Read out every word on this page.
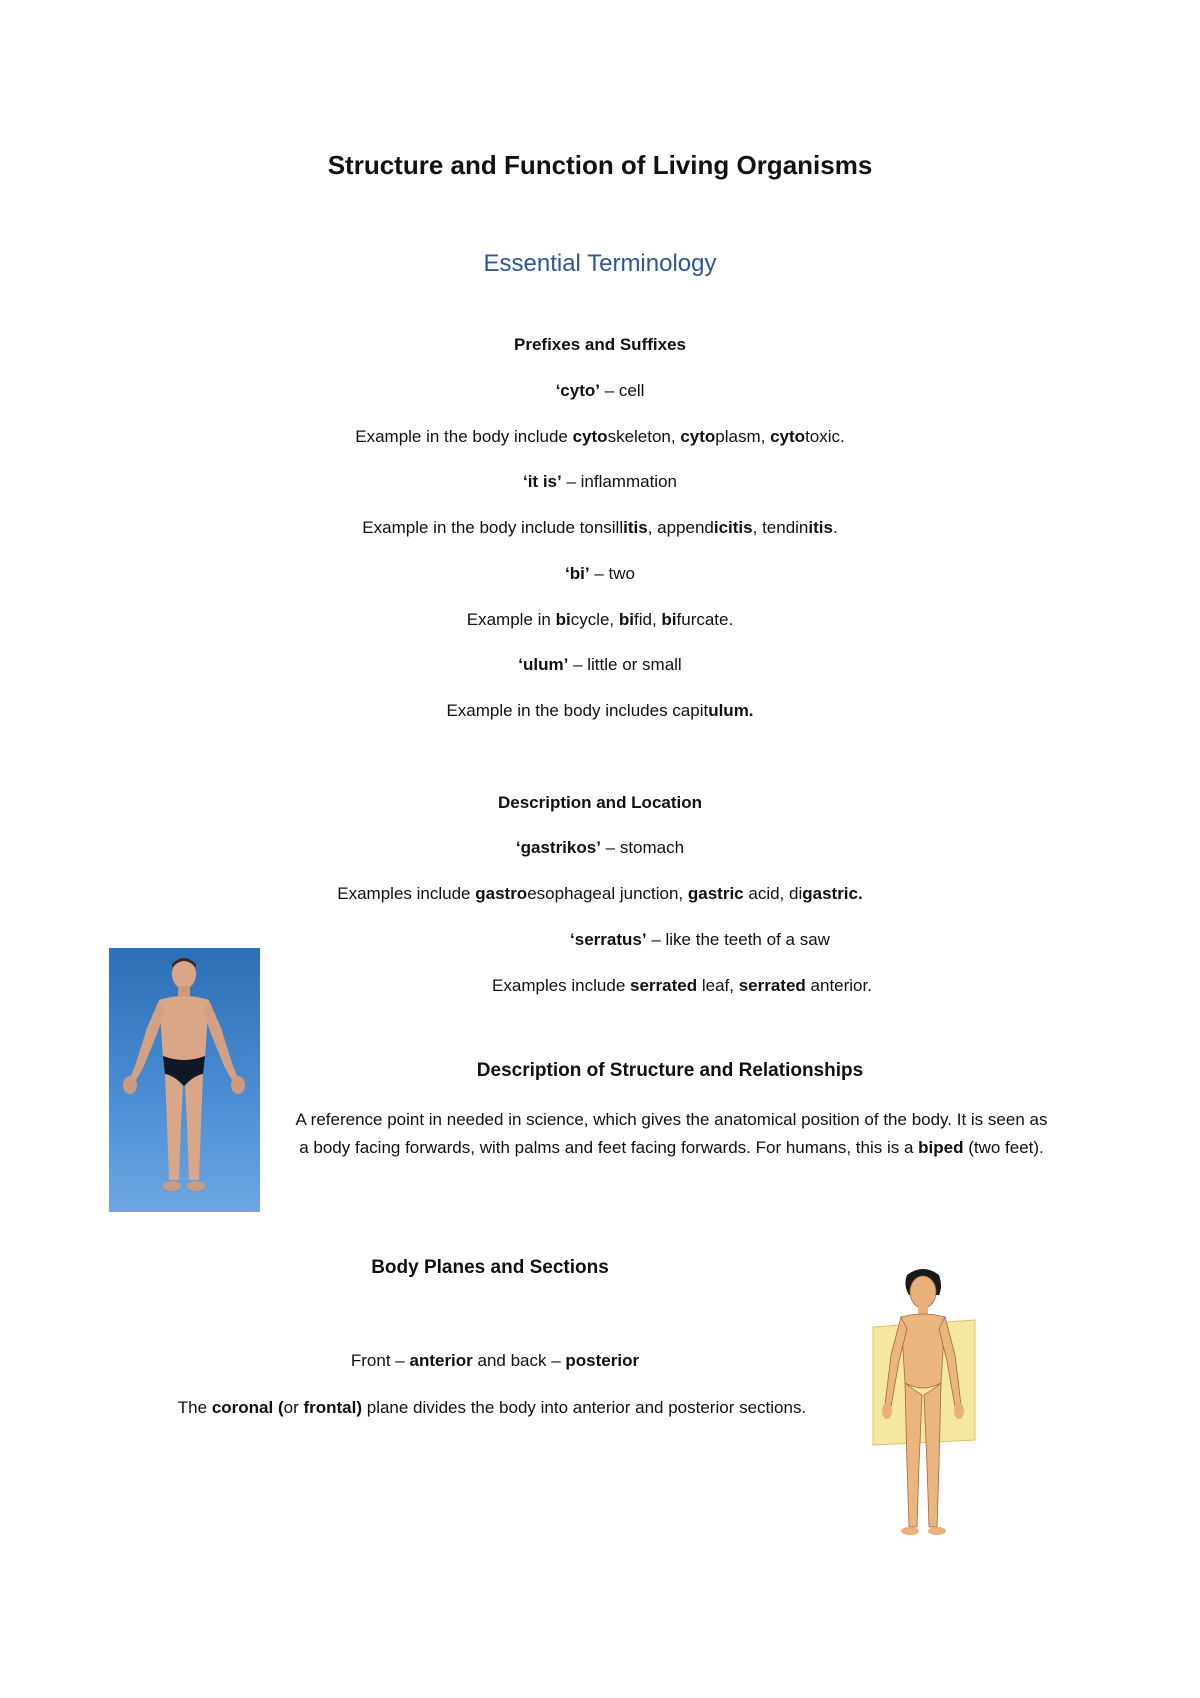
Structure and Function of Living Organisms
Essential Terminology
Prefixes and Suffixes
‘cyto’ – cell
Example in the body include cytoskeleton, cytoplasm, cytotoxic.
‘it is’ – inflammation
Example in the body include tonsillitis, appendicitis, tendinitis.
‘bi’ – two
Example in bicycle, bifid, bifurcate.
‘ulum’ – little or small
Example in the body includes capitulum.
Description and Location
‘gastrikos’ – stomach
Examples include gastroesophageal junction, gastric acid, digastric.
‘serratus’ – like the teeth of a saw
Examples include serrated leaf, serrated anterior.
Description of Structure and Relationships
A reference point in needed in science, which gives the anatomical position of the body. It is seen as a body facing forwards, with palms and feet facing forwards. For humans, this is a biped (two feet).
Body Planes and Sections
Front – anterior and back – posterior
The coronal (or frontal) plane divides the body into anterior and posterior sections.
